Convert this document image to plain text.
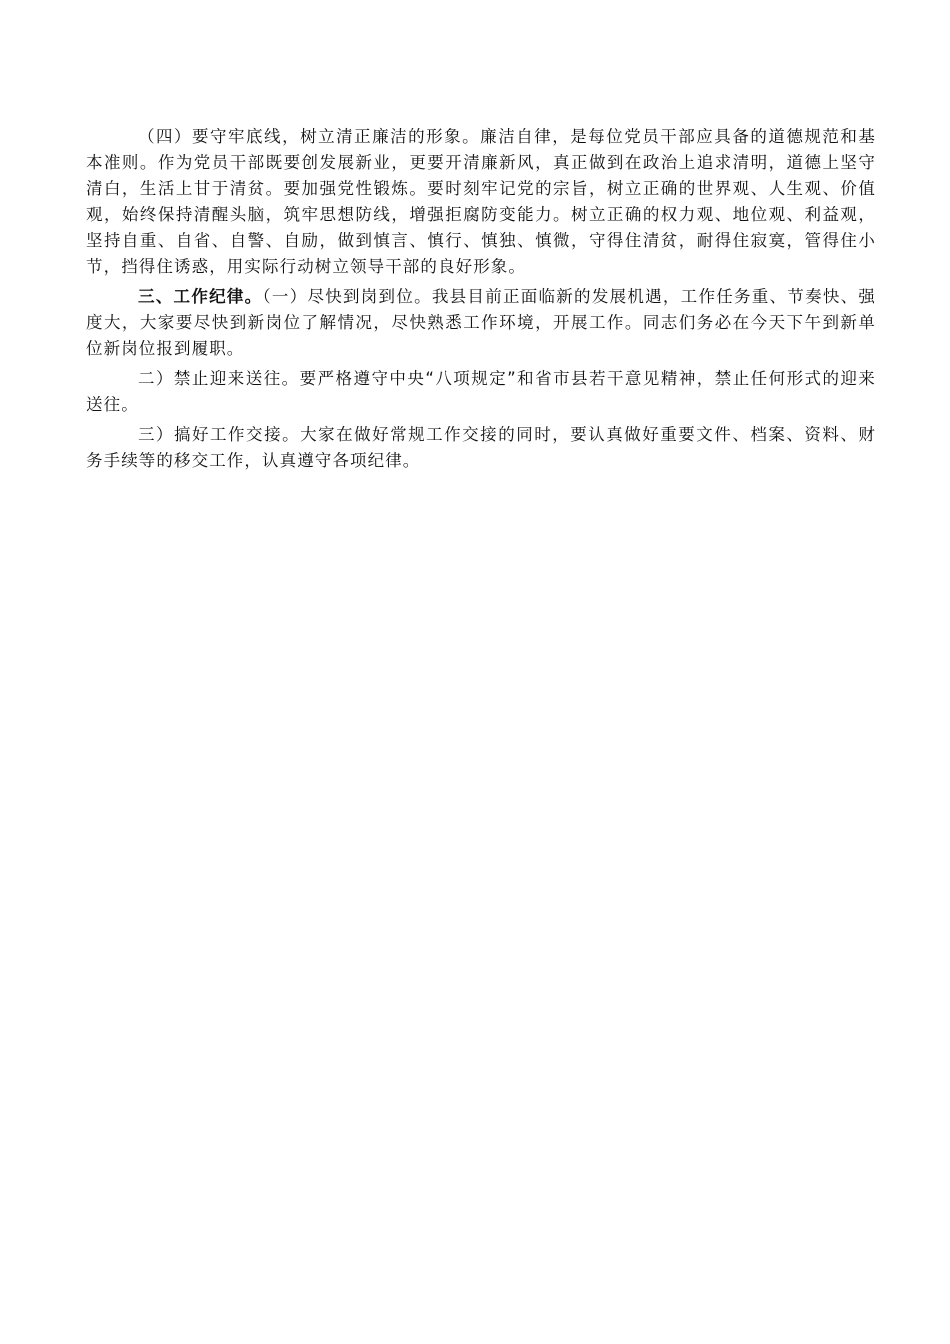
（四）要守牢底线，树立清正廉洁的形象。廉洁自律，是每位党员干部应具备的道德规范和基本准则。作为党员干部既要创发展新业，更要开清廉新风，真正做到在政治上追求清明，道德上坚守清白，生活上甘于清贫。要加强党性锻炼。要时刻牢记党的宗旨，树立正确的世界观、人生观、价值观，始终保持清醒头脑，筑牢思想防线，增强拒腐防变能力。树立正确的权力观、地位观、利益观，坚持自重、自省、自警、自励，做到慎言、慎行、慎独、慎微，守得住清贫，耐得住寂寞，管得住小节，挡得住诱惑，用实际行动树立领导干部的良好形象。

三、工作纪律。（一）尽快到岗到位。我县目前正面临新的发展机遇，工作任务重、节奏快、强度大，大家要尽快到新岗位了解情况，尽快熟悉工作环境，开展工作。同志们务必在今天下午到新单位新岗位报到履职。

二）禁止迎来送往。要严格遵守中央“八项规定”和省市县若干意见精神，禁止任何形式的迎来送往。

三）搞好工作交接。大家在做好常规工作交接的同时，要认真做好重要文件、档案、资料、财务手续等的移交工作，认真遵守各项纪律。
